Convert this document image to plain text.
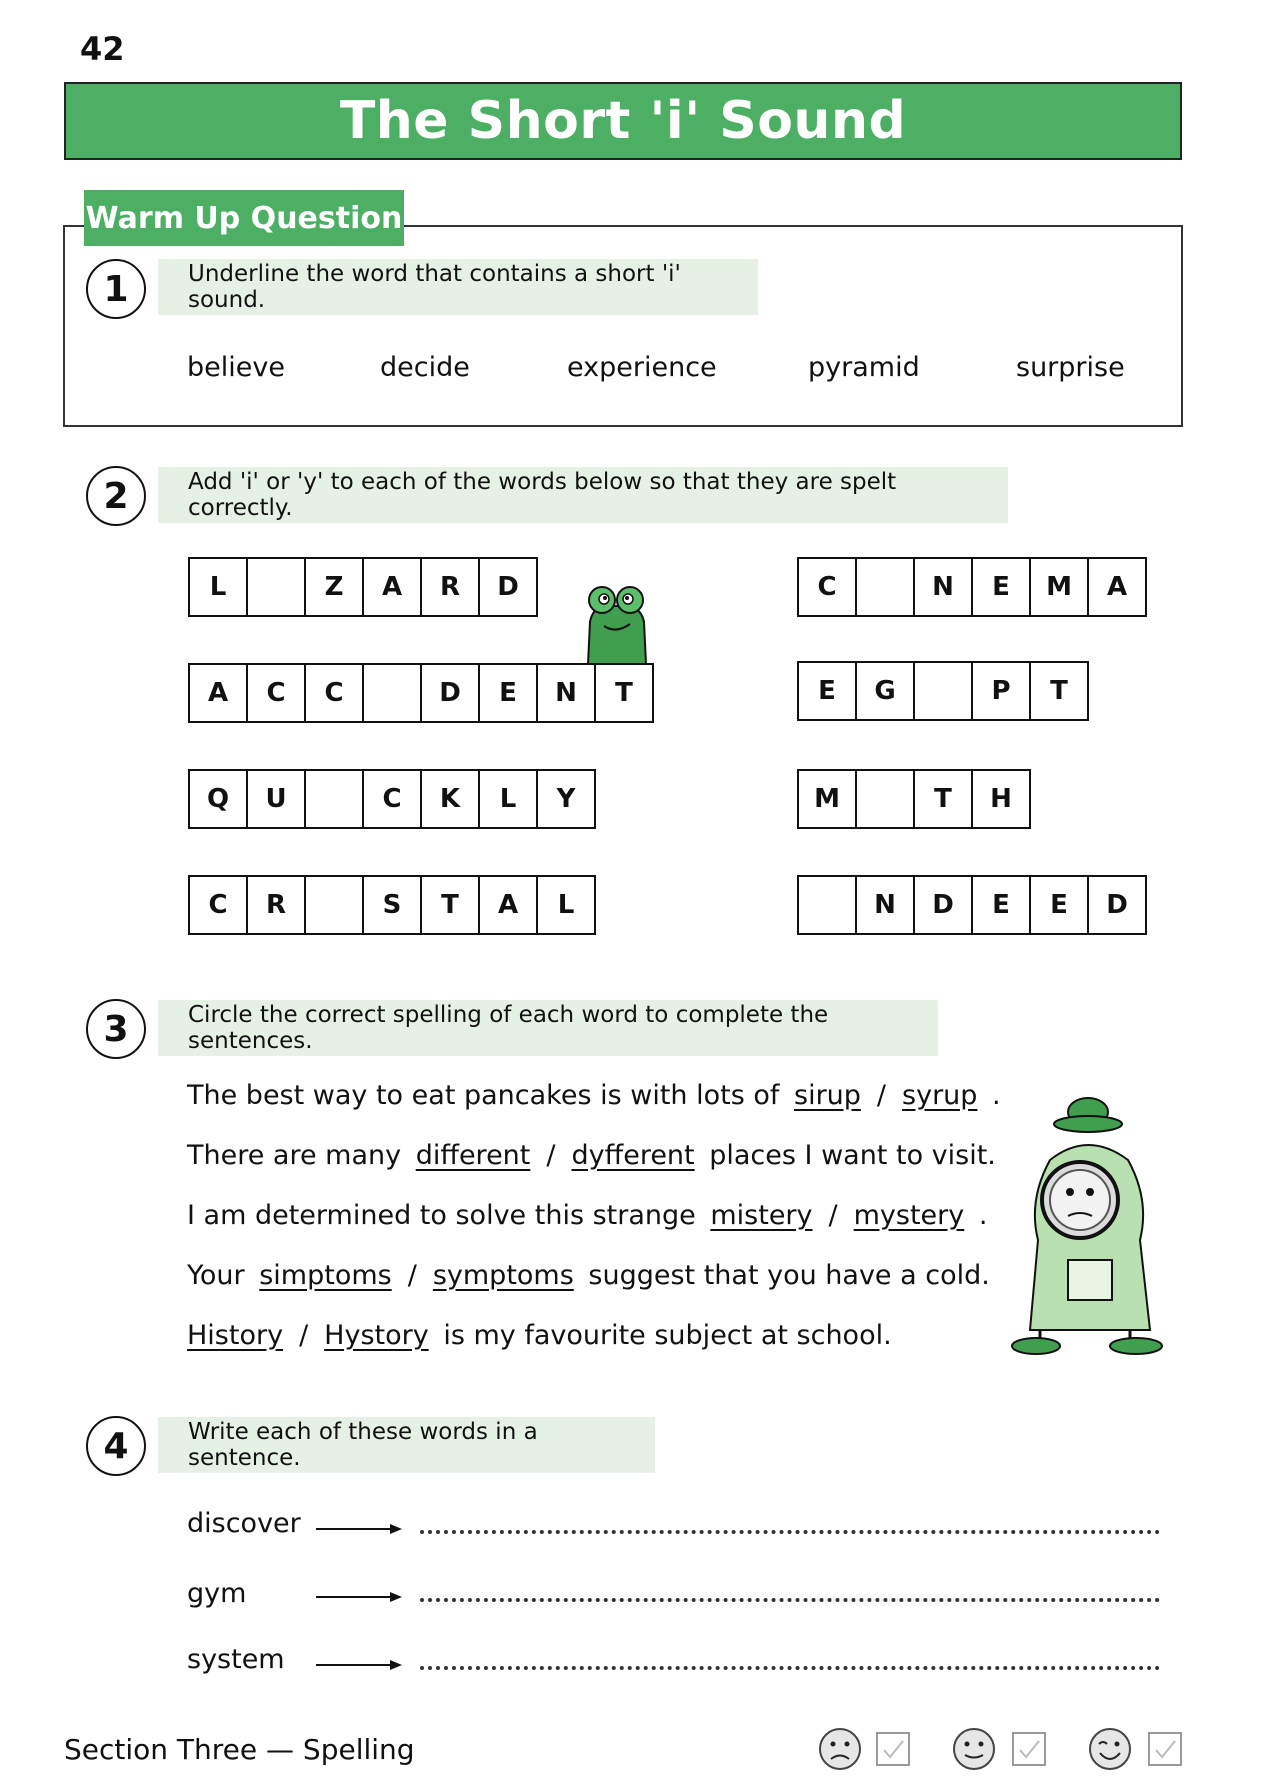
42
The Short 'i' Sound
Warm Up Question
1	Underline the word that contains a short 'i' sound.
believe	decide	experience	pyramid	surprise
2	Add 'i' or 'y' to each of the words below so that they are spelt correctly.
L	Z	A	R	D
A	C	C	D	E	N	T
Q	U	C	K	L	Y
C	R	S	T	A	L
C	N	E	M	A
E	G	P	T
M	T	H
N	D	E	E	D
3	Circle the correct spelling of each word to complete the sentences.
The best way to eat pancakes is with lots of sirup / syrup .
There are many different / dyfferent places I want to visit.
I am determined to solve this strange mistery / mystery .
Your simptoms / symptoms suggest that you have a cold.
History / Hystory is my favourite subject at school.
4	Write each of these words in a sentence.
discover
gym
system
Section Three — Spelling
